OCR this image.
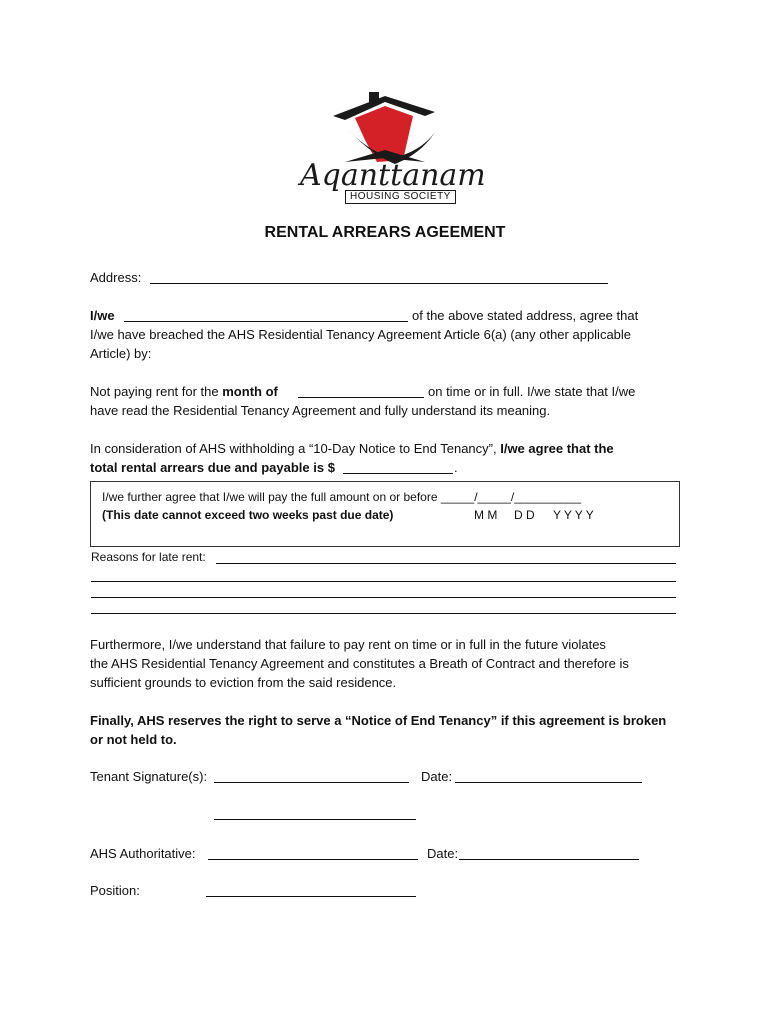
Aqanttanam
HOUSING SOCIETY
RENTAL ARREARS AGEEMENT
Address:
I/we	of the above stated address, agree that
I/we have breached the AHS Residential Tenancy Agreement Article 6(a) (any other applicable
Article) by:
Not paying rent for the month of	on time or in full. I/we state that I/we
have read the Residential Tenancy Agreement and fully understand its meaning.
In consideration of AHS withholding a “10-Day Notice to End Tenancy”, I/we agree that the
total rental arrears due and payable is $	.
I/we further agree that I/we will pay the full amount on or before _____/_____/__________
(This date cannot exceed two weeks past due date)	M M D D Y Y Y Y
Reasons for late rent:
Furthermore, I/we understand that failure to pay rent on time or in full in the future violates
the AHS Residential Tenancy Agreement and constitutes a Breath of Contract and therefore is
sufficient grounds to eviction from the said residence.
Finally, AHS reserves the right to serve a “Notice of End Tenancy” if this agreement is broken
or not held to.
Tenant Signature(s):	Date:
AHS Authoritative:	Date:
Position:
